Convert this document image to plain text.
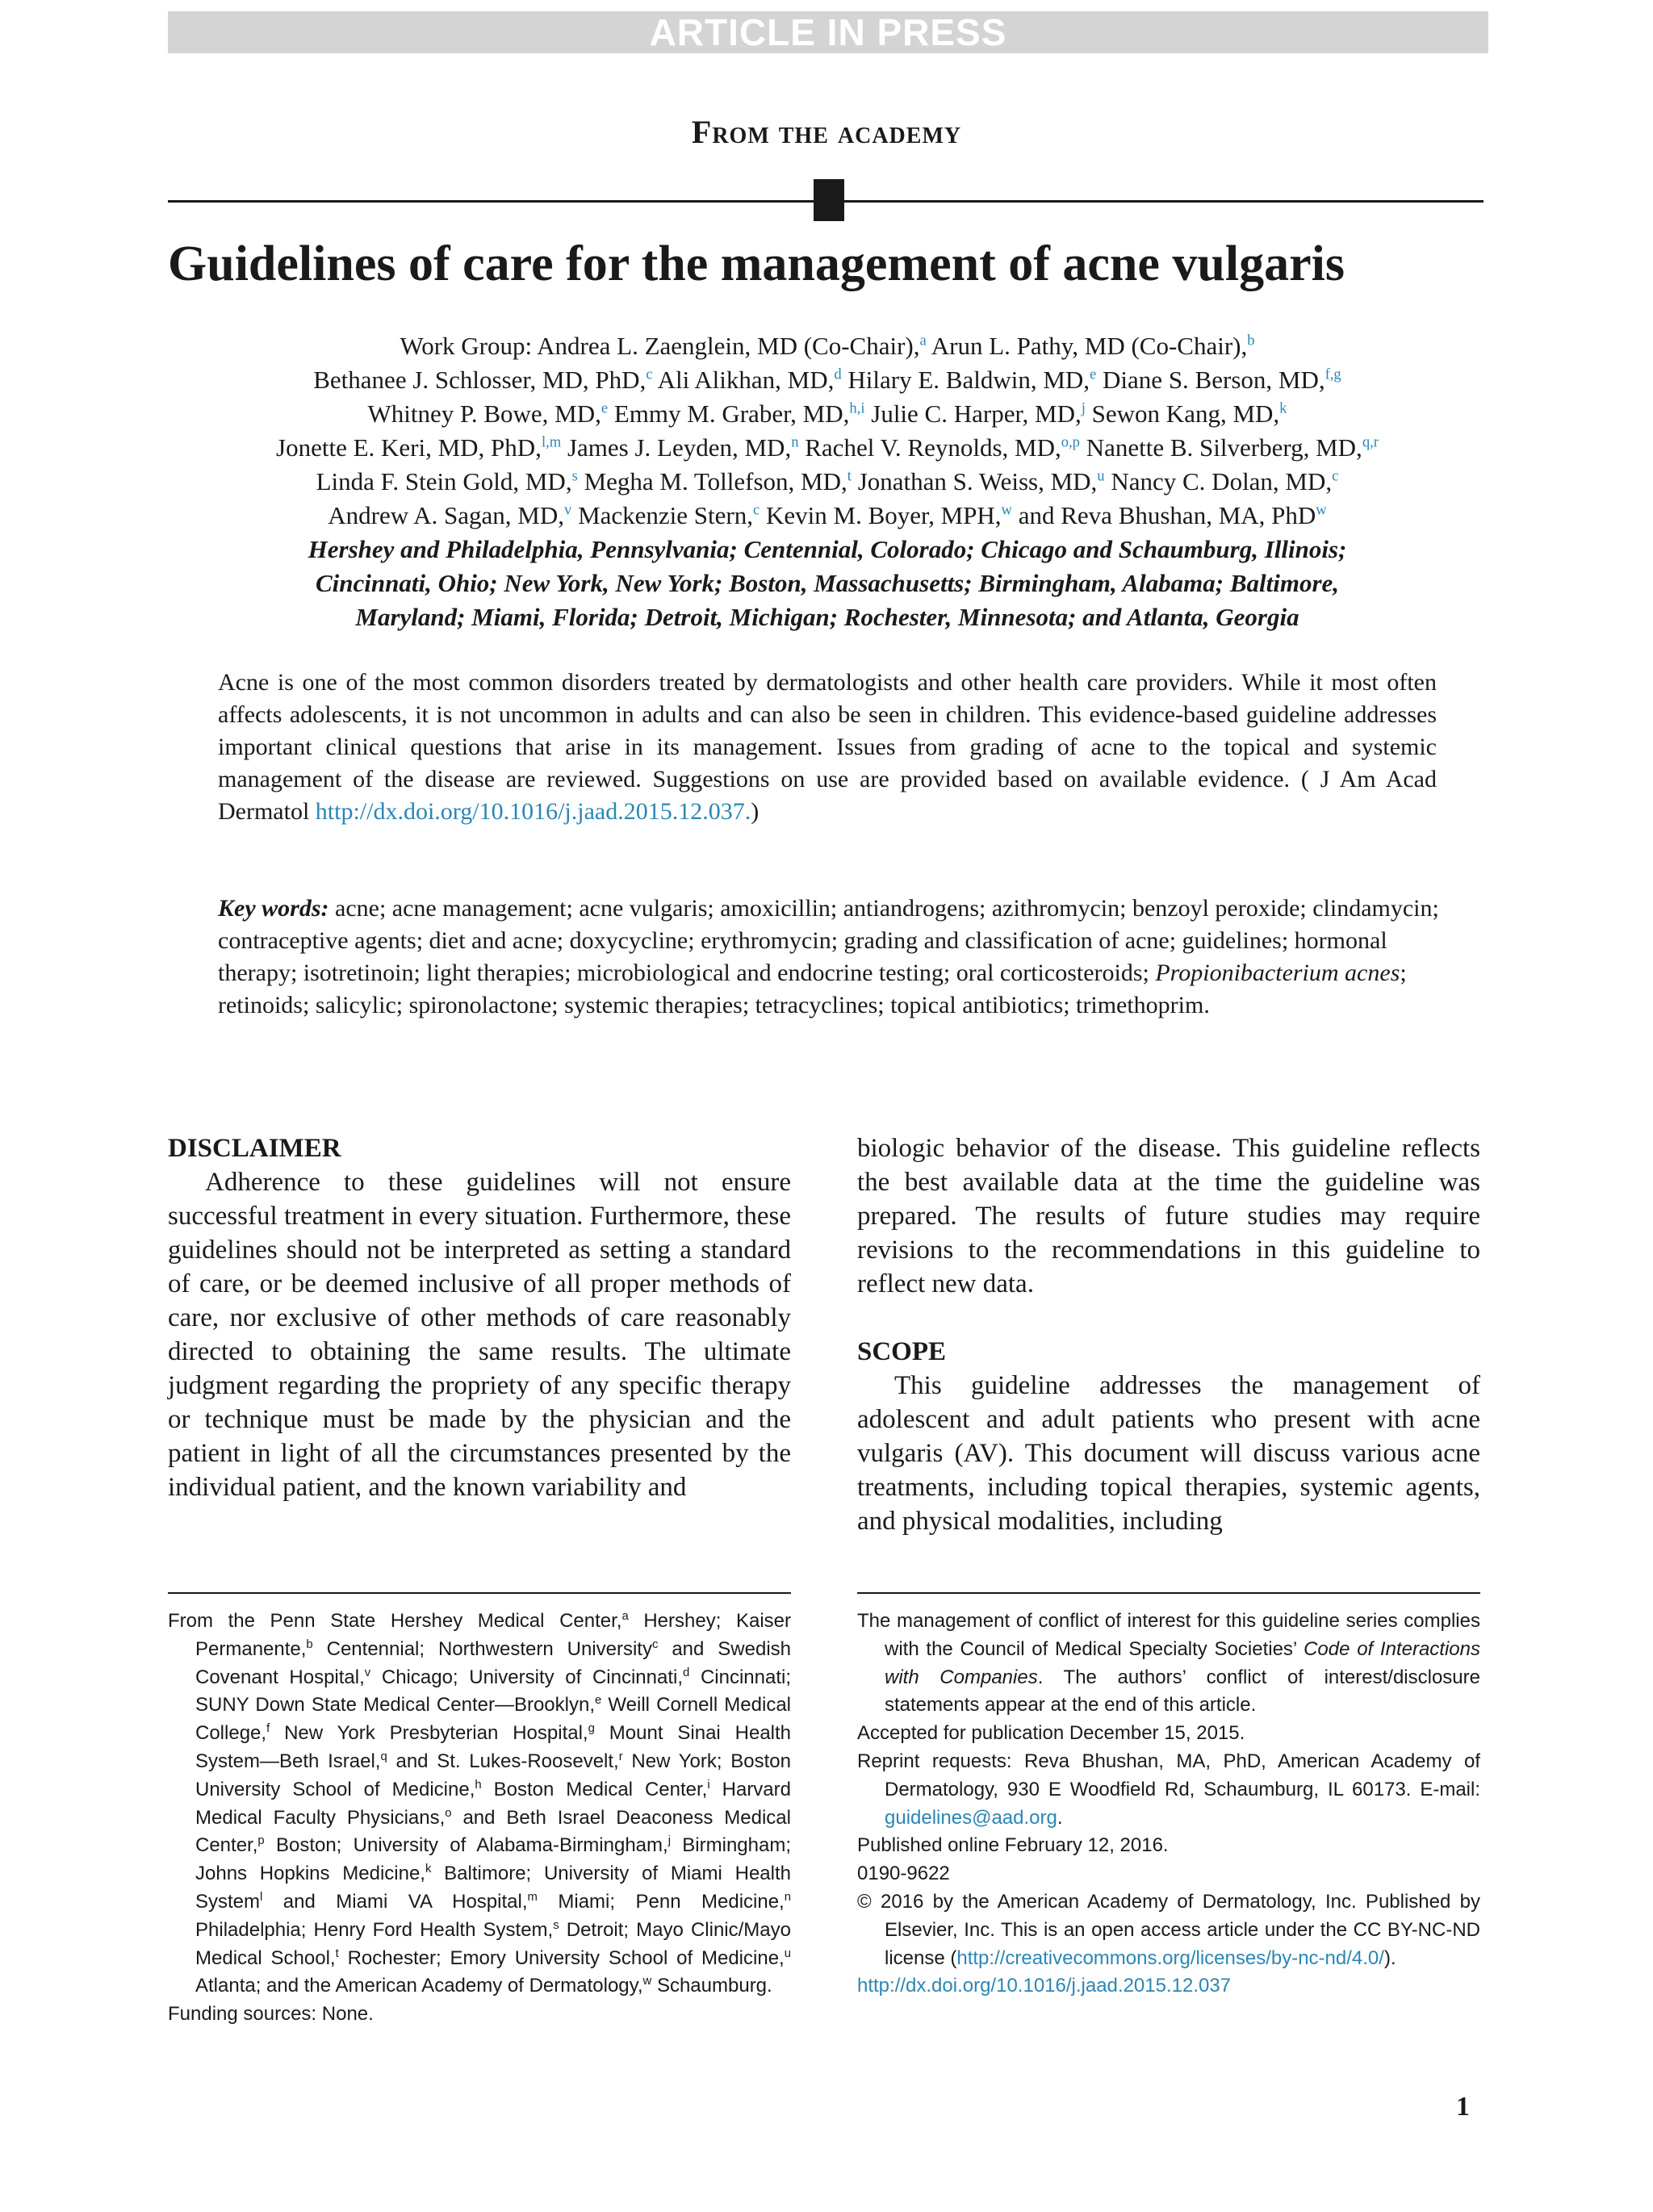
ARTICLE IN PRESS
From the academy
Guidelines of care for the management of acne vulgaris
Work Group: Andrea L. Zaenglein, MD (Co-Chair),$^a$ Arun L. Pathy, MD (Co-Chair),$^b$
Bethanee J. Schlosser, MD, PhD,$^c$ Ali Alikhan, MD,$^d$ Hilary E. Baldwin, MD,$^e$ Diane S. Berson, MD,$^{f,g}$
Whitney P. Bowe, MD,$^e$ Emmy M. Graber, MD,$^{h,i}$ Julie C. Harper, MD,$^j$ Sewon Kang, MD,$^k$
Jonette E. Keri, MD, PhD,$^{l,m}$ James J. Leyden, MD,$^n$ Rachel V. Reynolds, MD,$^{o,p}$ Nanette B. Silverberg, MD,$^{q,r}$
Linda F. Stein Gold, MD,$^s$ Megha M. Tollefson, MD,$^t$ Jonathan S. Weiss, MD,$^u$ Nancy C. Dolan, MD,$^c$
Andrew A. Sagan, MD,$^v$ Mackenzie Stern,$^c$ Kevin M. Boyer, MPH,$^w$ and Reva Bhushan, MA, PhD$^w$
Hershey and Philadelphia, Pennsylvania; Centennial, Colorado; Chicago and Schaumburg, Illinois;
Cincinnati, Ohio; New York, New York; Boston, Massachusetts; Birmingham, Alabama; Baltimore,
Maryland; Miami, Florida; Detroit, Michigan; Rochester, Minnesota; and Atlanta, Georgia
Acne is one of the most common disorders treated by dermatologists and other health care providers. While it most often affects adolescents, it is not uncommon in adults and can also be seen in children. This evidence-based guideline addresses important clinical questions that arise in its management. Issues from grading of acne to the topical and systemic management of the disease are reviewed. Suggestions on use are provided based on available evidence. ( J Am Acad Dermatol http://dx.doi.org/10.1016/j.jaad.2015.12.037.)
Key words: acne; acne management; acne vulgaris; amoxicillin; antiandrogens; azithromycin; benzoyl peroxide; clindamycin; contraceptive agents; diet and acne; doxycycline; erythromycin; grading and classification of acne; guidelines; hormonal therapy; isotretinoin; light therapies; microbiological and endocrine testing; oral corticosteroids; Propionibacterium acnes; retinoids; salicylic; spironolactone; systemic therapies; tetracyclines; topical antibiotics; trimethoprim.
DISCLAIMER

Adherence to these guidelines will not ensure successful treatment in every situation. Furthermore, these guidelines should not be interpreted as setting a standard of care, or be deemed inclusive of all proper methods of care, nor exclusive of other methods of care reasonably directed to obtaining the same results. The ultimate judgment regarding the propriety of any specific therapy or technique must be made by the physician and the patient in light of all the circumstances presented by the individual patient, and the known variability and

biologic behavior of the disease. This guideline reflects the best available data at the time the guideline was prepared. The results of future studies may require revisions to the recommendations in this guideline to reflect new data.

SCOPE

This guideline addresses the management of adolescent and adult patients who present with acne vulgaris (AV). This document will discuss various acne treatments, including topical therapies, systemic agents, and physical modalities, including

From the Penn State Hershey Medical Center,$^a$ Hershey; Kaiser Permanente,$^b$ Centennial; Northwestern University$^c$ and Swedish Covenant Hospital,$^v$ Chicago; University of Cincinnati,$^d$ Cincinnati; SUNY Down State Medical Center—Brooklyn,$^e$ Weill Cornell Medical College,$^f$ New York Presbyterian Hospital,$^g$ Mount Sinai Health System—Beth Israel,$^q$ and St. Lukes-Roosevelt,$^r$ New York; Boston University School of Medicine,$^h$ Boston Medical Center,$^i$ Harvard Medical Faculty Physicians,$^o$ and Beth Israel Deaconess Medical Center,$^p$ Boston; University of Alabama-Birmingham,$^j$ Birmingham; Johns Hopkins Medicine,$^k$ Baltimore; University of Miami Health System$^l$ and Miami VA Hospital,$^m$ Miami; Penn Medicine,$^n$ Philadelphia; Henry Ford Health System,$^s$ Detroit; Mayo Clinic/Mayo Medical School,$^t$ Rochester; Emory University School of Medicine,$^u$ Atlanta; and the American Academy of Dermatology,$^w$ Schaumburg.

Funding sources: None.

The management of conflict of interest for this guideline series complies with the Council of Medical Specialty Societies’ Code of Interactions with Companies. The authors’ conflict of interest/disclosure statements appear at the end of this article.

Accepted for publication December 15, 2015.

Reprint requests: Reva Bhushan, MA, PhD, American Academy of Dermatology, 930 E Woodfield Rd, Schaumburg, IL 60173. E-mail: guidelines@aad.org.

Published online February 12, 2016.

0190-9622

© 2016 by the American Academy of Dermatology, Inc. Published by Elsevier, Inc. This is an open access article under the CC BY-NC-ND license (http://creativecommons.org/licenses/by-nc-nd/4.0/).

http://dx.doi.org/10.1016/j.jaad.2015.12.037

1
